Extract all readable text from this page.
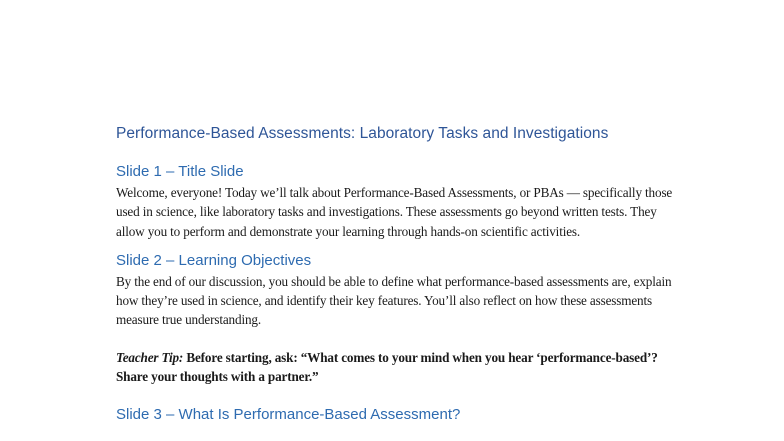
Performance-Based Assessments: Laboratory Tasks and Investigations

Slide 1 – Title Slide

Welcome, everyone! Today we’ll talk about Performance-Based Assessments, or PBAs — specifically those used in science, like laboratory tasks and investigations. These assessments go beyond written tests. They allow you to perform and demonstrate your learning through hands-on scientific activities.

Slide 2 – Learning Objectives

By the end of our discussion, you should be able to define what performance-based assessments are, explain how they’re used in science, and identify their key features. You’ll also reflect on how these assessments measure true understanding.

Teacher Tip: Before starting, ask: “What comes to your mind when you hear ‘performance-based’? Share your thoughts with a partner.”

Slide 3 – What Is Performance-Based Assessment?
